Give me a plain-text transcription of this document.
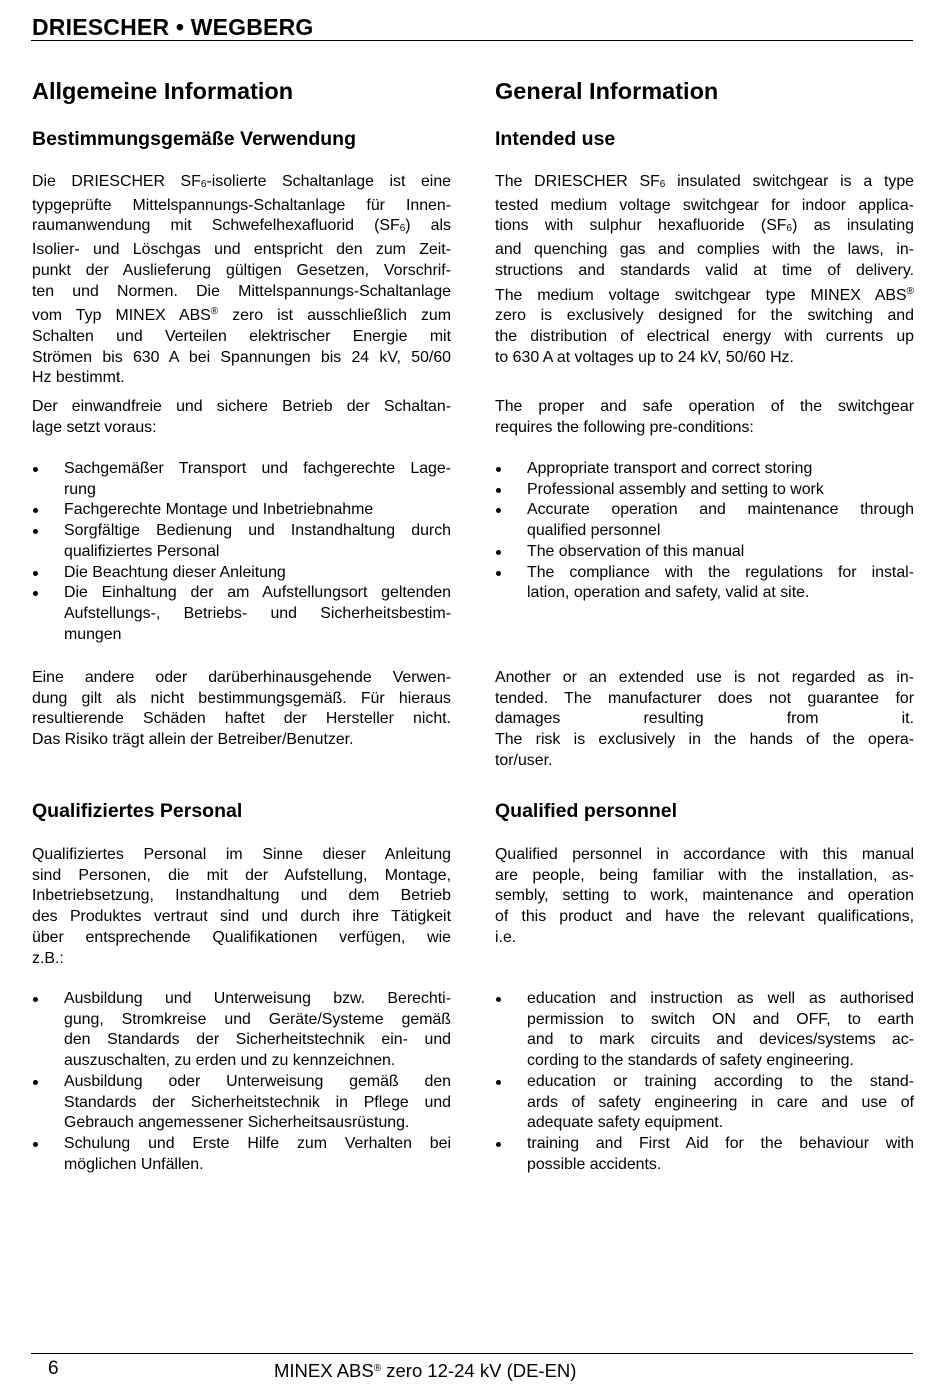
DRIESCHER • WEGBERG
Allgemeine Information
Bestimmungsgemäße Verwendung
Die DRIESCHER $SF_6$-isolierte Schaltanlage ist eine
typgeprüfte Mittelspannungs-Schaltanlage für Innen-
raumanwendung mit Schwefelhexafluorid $(SF_6)$ als
Isolier- und Löschgas und entspricht den zum Zeit-
punkt der Auslieferung gültigen Gesetzen, Vorschrif-
ten und Normen. Die Mittelspannungs-Schaltanlage
vom Typ MINEX ABS® zero ist ausschließlich zum
Schalten und Verteilen elektrischer Energie mit
Strömen bis 630 A bei Spannungen bis 24 kV, 50/60
Hz bestimmt.
Der einwandfreie und sichere Betrieb der Schaltan-
lage setzt voraus:
Sachgemäßer Transport und fachgerechte Lage-
rung
Fachgerechte Montage und Inbetriebnahme
Sorgfältige Bedienung und Instandhaltung durch
qualifiziertes Personal
Die Beachtung dieser Anleitung
Die Einhaltung der am Aufstellungsort geltenden
Aufstellungs-, Betriebs- und Sicherheitsbestim-
mungen
Eine andere oder darüberhinausgehende Verwen-
dung gilt als nicht bestimmungsgemäß. Für hieraus
resultierende Schäden haftet der Hersteller nicht.
Das Risiko trägt allein der Betreiber/Benutzer.
Qualifiziertes Personal
Qualifiziertes Personal im Sinne dieser Anleitung
sind Personen, die mit der Aufstellung, Montage,
Inbetriebsetzung, Instandhaltung und dem Betrieb
des Produktes vertraut sind und durch ihre Tätigkeit
über entsprechende Qualifikationen verfügen, wie
z.B.:
Ausbildung und Unterweisung bzw. Berechti-
gung, Stromkreise und Geräte/Systeme gemäß
den Standards der Sicherheitstechnik ein- und
auszuschalten, zu erden und zu kennzeichnen.
Ausbildung oder Unterweisung gemäß den
Standards der Sicherheitstechnik in Pflege und
Gebrauch angemessener Sicherheitsausrüstung.
Schulung und Erste Hilfe zum Verhalten bei
möglichen Unfällen.
General Information
Intended use
The DRIESCHER $SF_6$ insulated switchgear is a type
tested medium voltage switchgear for indoor applica-
tions with sulphur hexafluoride $(SF_6)$ as insulating
and quenching gas and complies with the laws, in-
structions and standards valid at time of delivery.
The medium voltage switchgear type MINEX ABS®
zero is exclusively designed for the switching and
the distribution of electrical energy with currents up
to 630 A at voltages up to 24 kV, 50/60 Hz.
The proper and safe operation of the switchgear
requires the following pre-conditions:
Appropriate transport and correct storing
Professional assembly and setting to work
Accurate operation and maintenance through
qualified personnel
The observation of this manual
The compliance with the regulations for instal-
lation, operation and safety, valid at site.
Another or an extended use is not regarded as in-
tended. The manufacturer does not guarantee for
damages resulting from it.
The risk is exclusively in the hands of the opera-
tor/user.
Qualified personnel
Qualified personnel in accordance with this manual
are people, being familiar with the installation, as-
sembly, setting to work, maintenance and operation
of this product and have the relevant qualifications,
i.e.
education and instruction as well as authorised
permission to switch ON and OFF, to earth
and to mark circuits and devices/systems ac-
cording to the standards of safety engineering.
education or training according to the stand-
ards of safety engineering in care and use of
adequate safety equipment.
training and First Aid for the behaviour with
possible accidents.
6	MINEX ABS® zero 12-24 kV (DE-EN)
